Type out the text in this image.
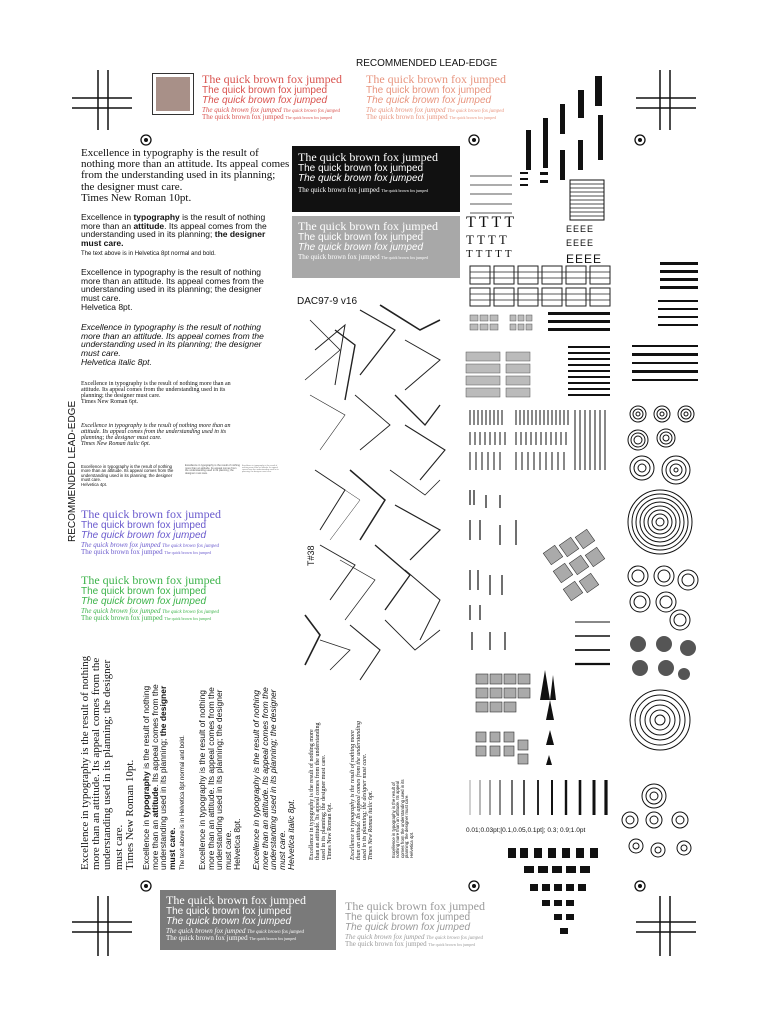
RECOMMENDED LEAD-EDGE
The quick brown fox jumped
The quick brown fox jumped
The quick brown fox jumped
The quick brown fox jumped The quick brown fox jumped
The quick brown fox jumped The quick brown fox jumped
The quick brown fox jumped
The quick brown fox jumped
The quick brown fox jumped
The quick brown fox jumped The quick brown fox jumped
The quick brown fox jumped The quick brown fox jumped
Excellence in typography is the result of nothing more than an attitude. Its appeal comes from the understanding used in its planning; the designer must care.
Times New Roman 10pt.
Excellence in typography is the result of nothing more than an attitude. Its appeal comes from the understanding used in its planning; the designer must care.
The text above is in Helvetica 8pt normal and bold.
Excellence in typography is the result of nothing more than an attitude. Its appeal comes from the understanding used in its planning; the designer must care.
Helvetica 8pt.
Excellence in typography is the result of nothing more than an attitude. Its appeal comes from the understanding used in its planning; the designer must care.
Helvetica italic 8pt.
Excellence in typography is the result of nothing more than an attitude. Its appeal comes from the understanding used in its planning; the designer must care.
Times New Roman 6pt.
Excellence in typography is the result of nothing more than an attitude. Its appeal comes from the understanding used in its planning; the designer must care.
Times New Roman italic 6pt.
Excellence in typography is the result of nothing more than an attitude. Its appeal comes from the understanding used in its planning; the designer must care.
Helvetica 4pt.
Excellence in typography is the result of nothing more than an attitude. Its appeal comes from the understanding used in its planning; the designer must care.
Excellence in typography is the result of nothing more than an attitude. Its appeal comes from the understanding used in its planning; the designer must care.
RECOMMENDED LEAD-EDGE The quick brown fox jumped
The quick brown fox jumped
The quick brown fox jumped
The quick brown fox jumped The quick brown fox jumped
The quick brown fox jumped The quick brown fox jumped
The quick brown fox jumped
The quick brown fox jumped
The quick brown fox jumped
The quick brown fox jumped The quick brown fox jumped
The quick brown fox jumped The quick brown fox jumped
The quick brown fox jumped
The quick brown fox jumped
The quick brown fox jumped
The quick brown fox jumped The quick brown fox jumped
The quick brown fox jumped
The quick brown fox jumped
The quick brown fox jumped
The quick brown fox jumped The quick brown fox jumped
DAC97-9 v16
T#38
Excellence in typography is the result of nothing more than an attitude. Its appeal comes from the understanding used in its planning; the designer must care.
Times New Roman 10pt. Excellence in typography is the result of nothing more than an attitude. Its appeal comes from the understanding used in its planning; the designer must care. The text above is in Helvetica 8pt normal and bold. Excellence in typography is the result of nothing more than an attitude. Its appeal comes from the understanding used in its planning; the designer must care.
Helvetica 8pt. Excellence in typography is the result of nothing more than an attitude. Its appeal comes from the understanding used in its planning; the designer must care.
Helvetica italic 8pt. Excellence in typography is the result of nothing more than an attitude. Its appeal comes from the understanding used in its planning; the designer must care.
Times New Roman 6pt.	Excellence in typography is the result of nothing more than an attitude. Its appeal comes from the understanding used in its planning; the designer must care.
Times New Roman italic 6pt.	Excellence in typography is the result of nothing more than an attitude. Its appeal comes from the understanding used in its planning; the designer must care.
Helvetica 4pt.
The quick brown fox jumped
The quick brown fox jumped
The quick brown fox jumped
The quick brown fox jumped The quick brown fox jumped
The quick brown fox jumped The quick brown fox jumped
The quick brown fox jumped
The quick brown fox jumped
The quick brown fox jumped
The quick brown fox jumped The quick brown fox jumped
The quick brown fox jumped The quick brown fox jumped
TTTT
TTTT
TTTTT
EEEE
EEEE
EEEE
0.01;0.03pt;[0.1,0.05,0.1pt]; 0.3; 0.9;1.0pt
